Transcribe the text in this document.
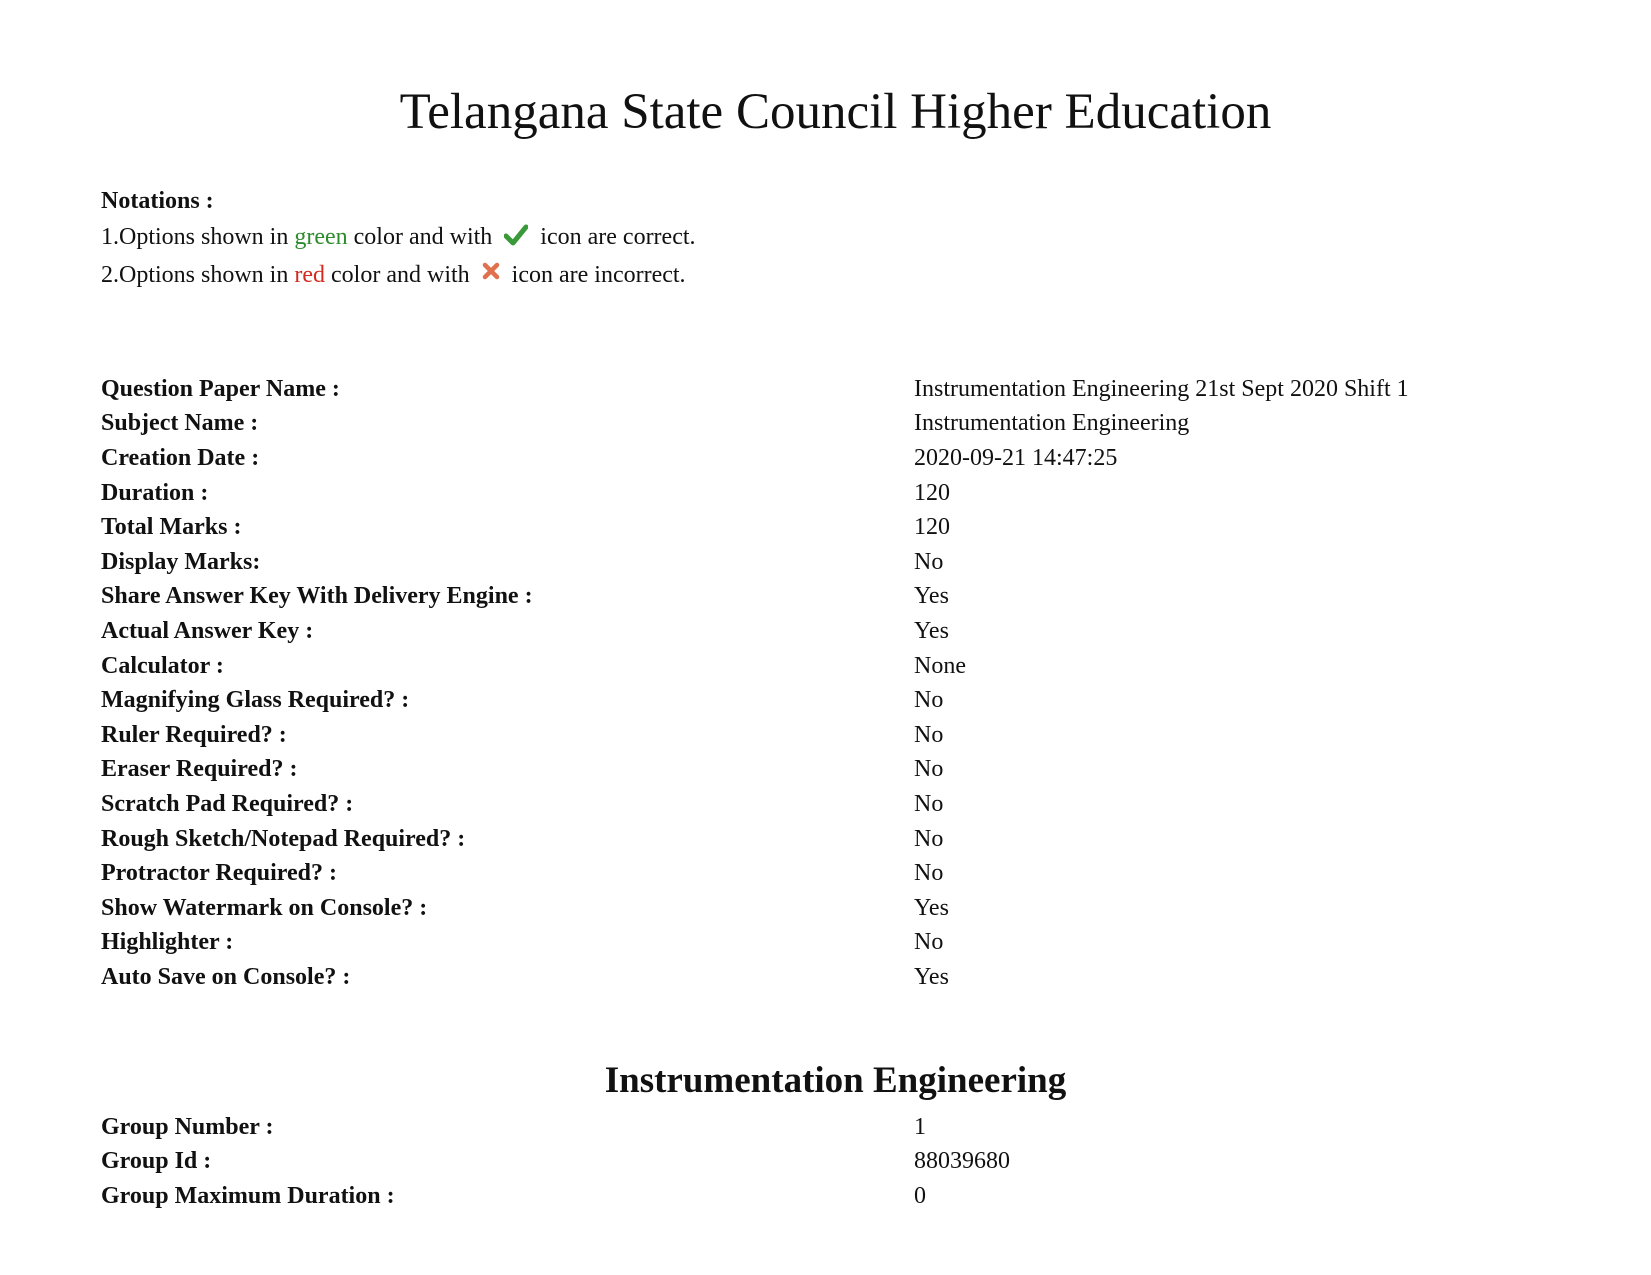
Telangana State Council Higher Education
Notations :
1.Options shown in green color and with  icon are correct.
2.Options shown in red color and with  icon are incorrect.
Question Paper Name :	Instrumentation Engineering 21st Sept 2020 Shift 1
Subject Name :	Instrumentation Engineering
Creation Date :	2020-09-21 14:47:25
Duration :	120
Total Marks :	120
Display Marks:	No
Share Answer Key With Delivery Engine :	Yes
Actual Answer Key :	Yes
Calculator :	None
Magnifying Glass Required? :	No
Ruler Required? :	No
Eraser Required? :	No
Scratch Pad Required? :	No
Rough Sketch/Notepad Required? :	No
Protractor Required? :	No
Show Watermark on Console? :	Yes
Highlighter :	No
Auto Save on Console? :	Yes
Instrumentation Engineering
Group Number :	1
Group Id :	88039680
Group Maximum Duration :	0
